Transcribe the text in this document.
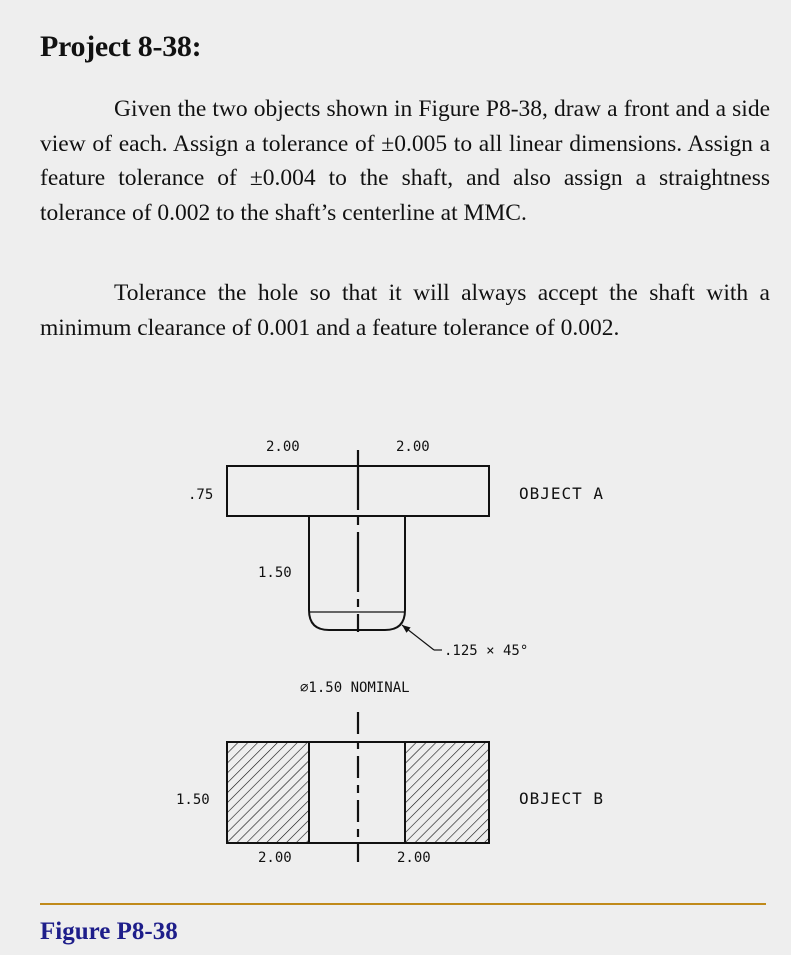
Project 8-38:

Given the two objects shown in Figure P8-38, draw a front and a side view of each. Assign a tolerance of ±0.005 to all linear dimensions. Assign a feature tolerance of ±0.004 to the shaft, and also assign a straightness tolerance of 0.002 to the shaft’s centerline at MMC.

Tolerance the hole so that it will always accept the shaft with a minimum clearance of 0.001 and a feature tolerance of 0.002.

2.00	2.00
.75
1.50
.125 × 45°
⌀1.50 NOMINAL
OBJECT A
1.50
2.00	2.00
OBJECT B

Figure P8-38
